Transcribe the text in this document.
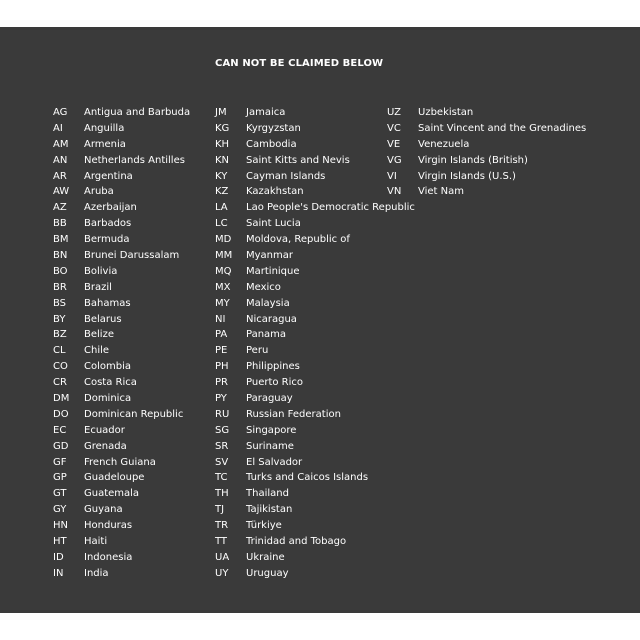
CAN NOT BE CLAIMED BELOW
AG	Antigua and Barbuda
AI	Anguilla
AM	Armenia
AN	Netherlands Antilles
AR	Argentina
AW	Aruba
AZ	Azerbaijan
BB	Barbados
BM	Bermuda
BN	Brunei Darussalam
BO	Bolivia
BR	Brazil
BS	Bahamas
BY	Belarus
BZ	Belize
CL	Chile
CO	Colombia
CR	Costa Rica
DM	Dominica
DO	Dominican Republic
EC	Ecuador
GD	Grenada
GF	French Guiana
GP	Guadeloupe
GT	Guatemala
GY	Guyana
HN	Honduras
HT	Haiti
ID	Indonesia
IN	India
JM	Jamaica
KG	Kyrgyzstan
KH	Cambodia
KN	Saint Kitts and Nevis
KY	Cayman Islands
KZ	Kazakhstan
LA	Lao People's Democratic Republic
LC	Saint Lucia
MD	Moldova, Republic of
MM	Myanmar
MQ	Martinique
MX	Mexico
MY	Malaysia
NI	Nicaragua
PA	Panama
PE	Peru
PH	Philippines
PR	Puerto Rico
PY	Paraguay
RU	Russian Federation
SG	Singapore
SR	Suriname
SV	El Salvador
TC	Turks and Caicos Islands
TH	Thailand
TJ	Tajikistan
TR	Türkiye
TT	Trinidad and Tobago
UA	Ukraine
UY	Uruguay
UZ	Uzbekistan
VC	Saint Vincent and the Grenadines
VE	Venezuela
VG	Virgin Islands (British)
VI	Virgin Islands (U.S.)
VN	Viet Nam
